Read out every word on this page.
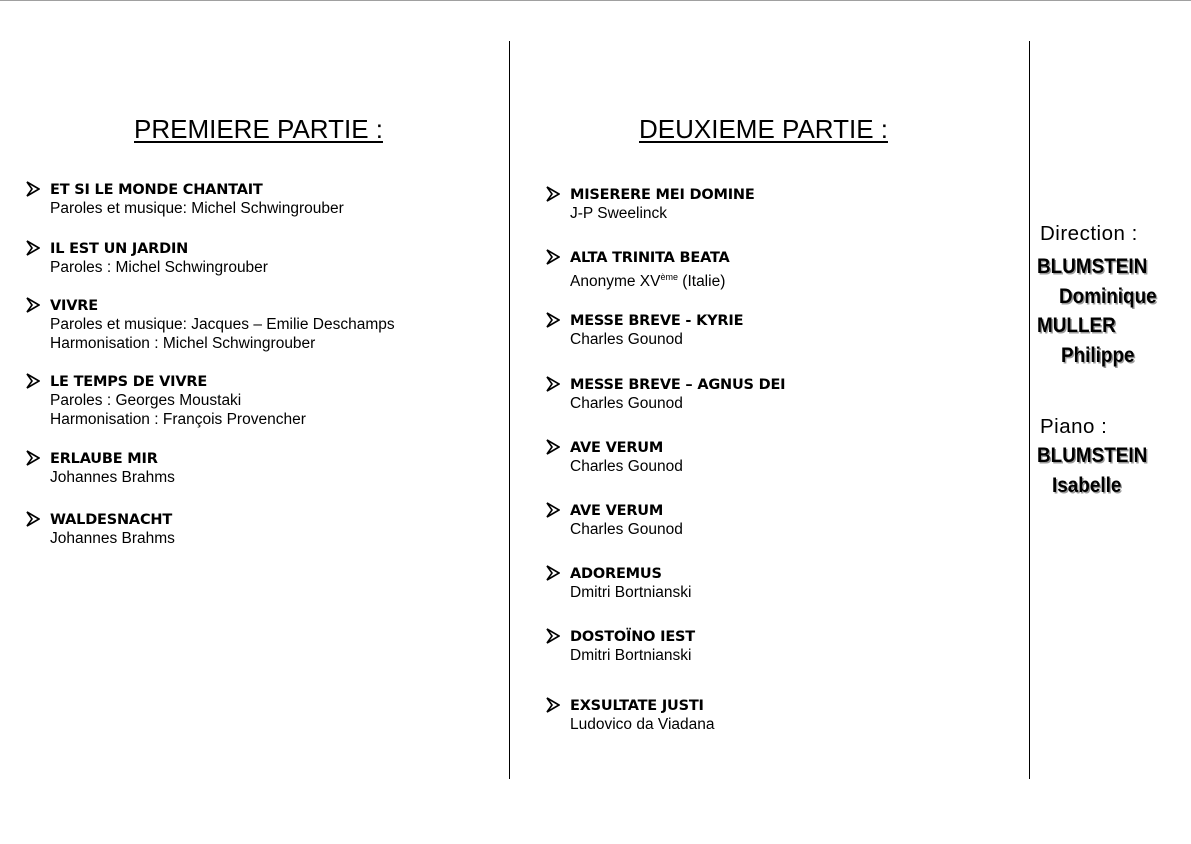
PREMIERE PARTIE :
ET SI LE MONDE CHANTAIT
Paroles et musique: Michel Schwingrouber
IL EST UN JARDIN
Paroles : Michel Schwingrouber
VIVRE
Paroles et musique: Jacques – Emilie Deschamps
Harmonisation : Michel Schwingrouber
LE TEMPS DE VIVRE
Paroles : Georges Moustaki
Harmonisation : François Provencher
ERLAUBE MIR
Johannes Brahms
WALDESNACHT
Johannes Brahms
DEUXIEME PARTIE :
MISERERE MEI DOMINE
J-P Sweelinck
ALTA TRINITA BEATA
Anonyme XVème (Italie)
MESSE BREVE - KYRIE
Charles Gounod
MESSE BREVE – AGNUS DEI
Charles Gounod
AVE VERUM
Charles Gounod
AVE VERUM
Charles Gounod
ADOREMUS
Dmitri Bortnianski
DOSTOÏNO IEST
Dmitri Bortnianski
EXSULTATE JUSTI
Ludovico da Viadana
Direction :
BLUMSTEIN
Dominique
MULLER
Philippe
Piano :
BLUMSTEIN
Isabelle
